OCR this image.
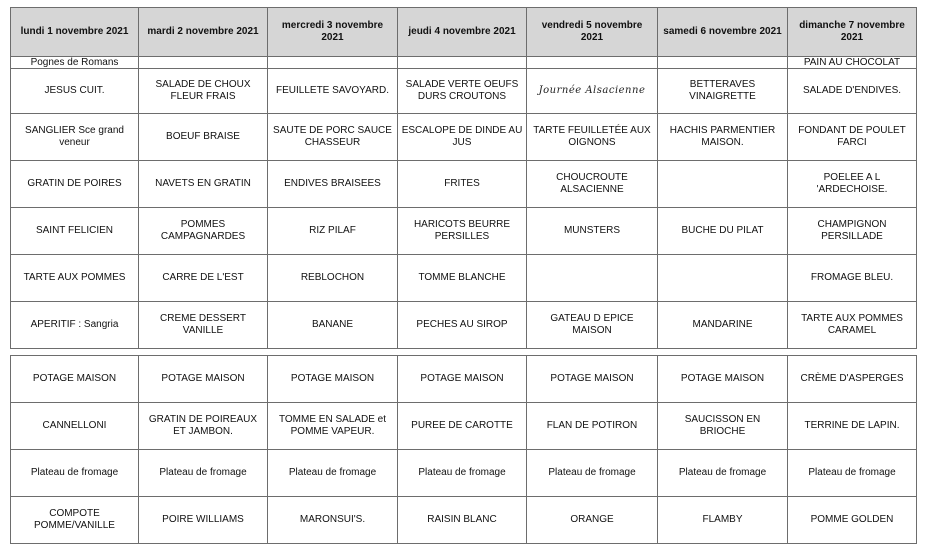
lundi 1 novembre 2021	mardi 2 novembre 2021	mercredi 3 novembre 2021	jeudi 4 novembre 2021	vendredi 5 novembre 2021	samedi 6 novembre 2021	dimanche 7 novembre 2021
Pognes de Romans						PAIN AU CHOCOLAT
JESUS CUIT.	SALADE DE CHOUX FLEUR FRAIS	FEUILLETE SAVOYARD.	SALADE VERTE OEUFS DURS CROUTONS	Journée Alsacienne	BETTERAVES VINAIGRETTE	SALADE D'ENDIVES.
SANGLIER Sce grand veneur	BOEUF BRAISE	SAUTE DE PORC SAUCE CHASSEUR	ESCALOPE DE DINDE AU JUS	TARTE FEUILLETÉE AUX OIGNONS	HACHIS PARMENTIER MAISON.	FONDANT DE POULET FARCI
GRATIN DE POIRES	NAVETS EN GRATIN	ENDIVES BRAISEES	FRITES	CHOUCROUTE ALSACIENNE		POELEE A L 'ARDECHOISE.
SAINT FELICIEN	POMMES CAMPAGNARDES	RIZ PILAF	HARICOTS BEURRE PERSILLES	MUNSTERS	BUCHE DU PILAT	CHAMPIGNON PERSILLADE
TARTE AUX POMMES	CARRE DE L'EST	REBLOCHON	TOMME BLANCHE			FROMAGE BLEU.
APERITIF : Sangria	CREME DESSERT VANILLE	BANANE	PECHES AU SIROP	GATEAU D EPICE MAISON	MANDARINE	TARTE AUX POMMES CARAMEL

POTAGE MAISON	POTAGE MAISON	POTAGE MAISON	POTAGE MAISON	POTAGE MAISON	POTAGE MAISON	CRÈME D'ASPERGES
CANNELLONI	GRATIN DE POIREAUX ET JAMBON.	TOMME EN SALADE et POMME VAPEUR.	PUREE DE CAROTTE	FLAN DE POTIRON	SAUCISSON EN BRIOCHE	TERRINE DE LAPIN.
Plateau de fromage	Plateau de fromage	Plateau de fromage	Plateau de fromage	Plateau de fromage	Plateau de fromage	Plateau de fromage
COMPOTE POMME/VANILLE	POIRE WILLIAMS	MARONSUI'S.	RAISIN BLANC	ORANGE	FLAMBY	POMME GOLDEN
